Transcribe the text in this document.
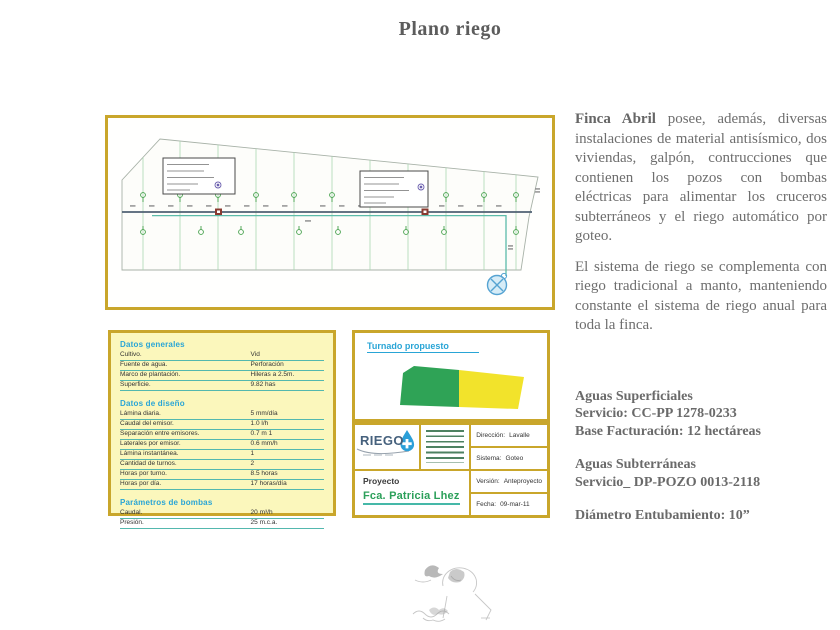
Plano riego
Datos generales
Cultivo.	Vid
Fuente de agua.	Perforación
Marco de plantación.	Hileras a 2.5m.
Superficie.	9.82 has
Datos de diseño
Lámina diaria.	5 mm/día
Caudal del emisor.	1.0 l/h
Separación entre emisores.	0.7 m 1
Laterales por emisor.	0.6 mm/h
Lámina instantánea.	1
Cantidad de turnos.	2
Horas por turno.	8.5 horas
Horas por día.	17 horas/día
Parámetros de bombas
Caudal.	20 m³/h
Presión.	25 m.c.a.
Turnado propuesto
RIEGO
Proyecto
Fca. Patricia Lhez
Dirección: Lavalle
Sistema: Goteo
Versión: Anteproyecto
Fecha: 09-mar-11

Finca Abril posee, además, diversas instalaciones de material antisísmico, dos viviendas, galpón, contrucciones que contienen los pozos con bombas eléctricas para alimentar los cruceros subterráneos y el riego automático por goteo.

El sistema de riego se complementa con riego tradicional a manto, manteniendo constante el sistema de riego anual para toda la finca.

Aguas Superficiales
Servicio: CC-PP 1278-0233
Base Facturación: 12 hectáreas
Aguas Subterráneas
Servicio_ DP-POZO 0013-2118
Diámetro Entubamiento: 10”
